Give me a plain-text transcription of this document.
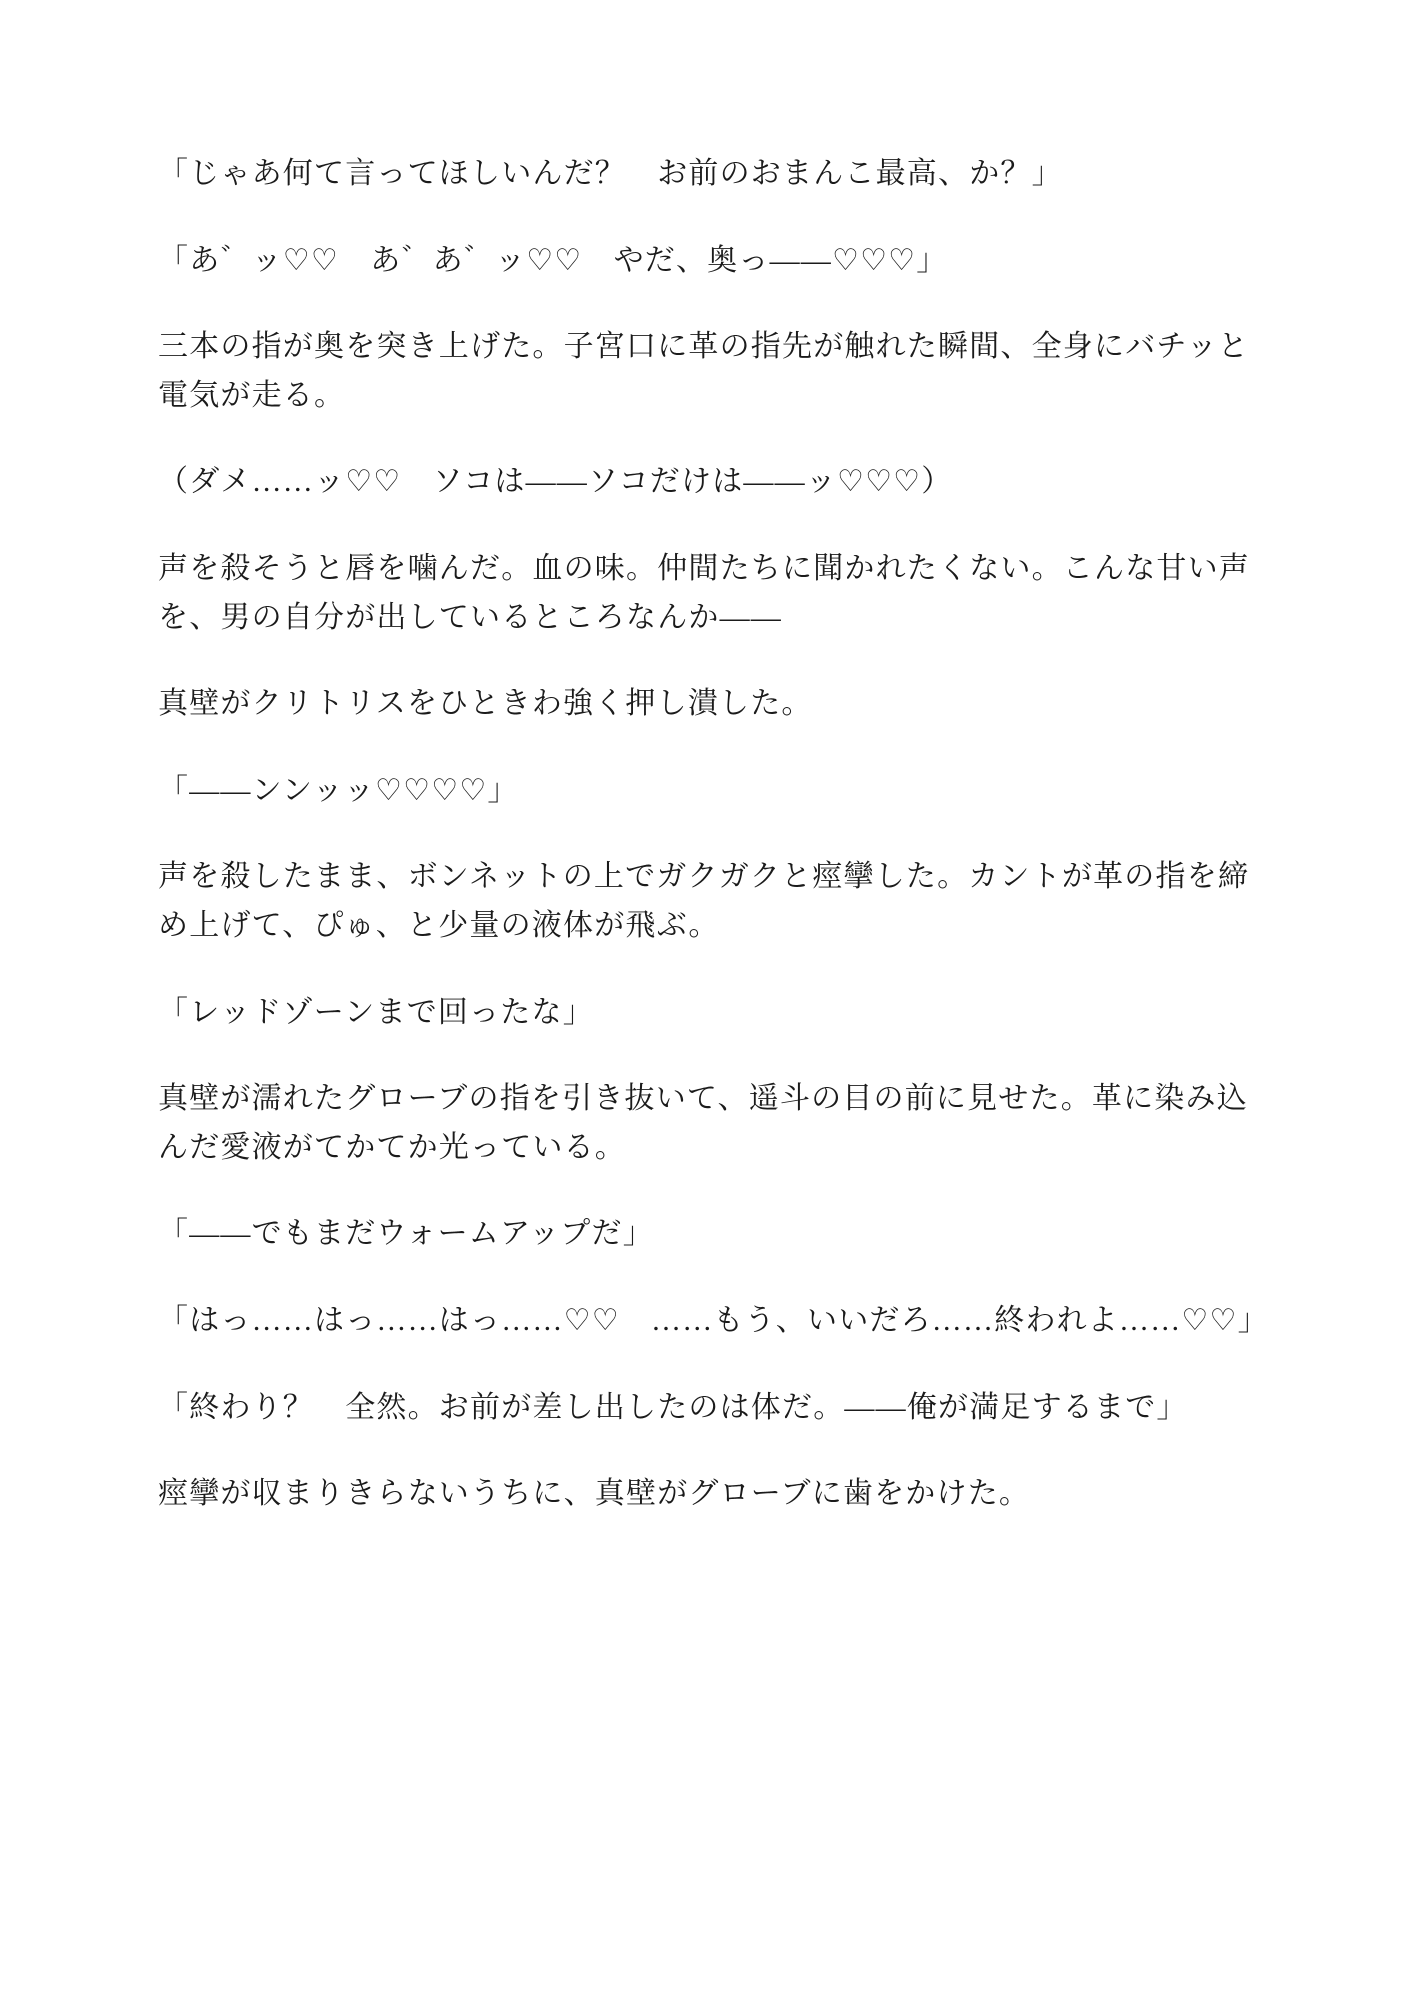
「じゃあ何て言ってほしいんだ？　お前のおまんこ最高、か？」

「あ゛ッ♡♡　あ゛あ゛ッ♡♡　やだ、奥っ——♡♡♡」

三本の指が奥を突き上げた。子宮口に革の指先が触れた瞬間、全身にバチッと電気が走る。

（ダメ……ッ♡♡　ソコは——ソコだけは——ッ♡♡♡）

声を殺そうと唇を噛んだ。血の味。仲間たちに聞かれたくない。こんな甘い声を、男の自分が出しているところなんか——

真壁がクリトリスをひときわ強く押し潰した。

「——ンンッッ♡♡♡♡」

声を殺したまま、ボンネットの上でガクガクと痙攣した。カントが革の指を締め上げて、ぴゅ、と少量の液体が飛ぶ。

「レッドゾーンまで回ったな」

真壁が濡れたグローブの指を引き抜いて、遥斗の目の前に見せた。革に染み込んだ愛液がてかてか光っている。

「——でもまだウォームアップだ」

「はっ……はっ……はっ……♡♡　……もう、いいだろ……終われよ……♡♡」

「終わり？　全然。お前が差し出したのは体だ。——俺が満足するまで」

痙攣が収まりきらないうちに、真壁がグローブに歯をかけた。
